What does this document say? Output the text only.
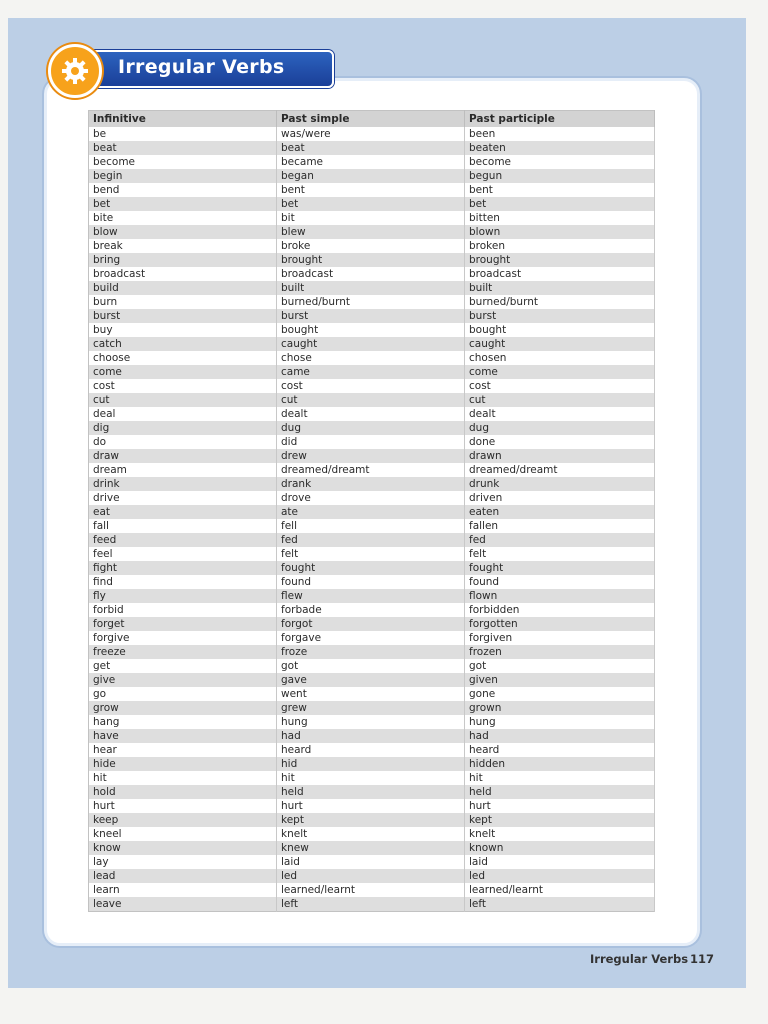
Irregular Verbs
Infinitive	Past simple	Past participle
be	was/were	been
beat	beat	beaten
become	became	become
begin	began	begun
bend	bent	bent
bet	bet	bet
bite	bit	bitten
blow	blew	blown
break	broke	broken
bring	brought	brought
broadcast	broadcast	broadcast
build	built	built
burn	burned/burnt	burned/burnt
burst	burst	burst
buy	bought	bought
catch	caught	caught
choose	chose	chosen
come	came	come
cost	cost	cost
cut	cut	cut
deal	dealt	dealt
dig	dug	dug
do	did	done
draw	drew	drawn
dream	dreamed/dreamt	dreamed/dreamt
drink	drank	drunk
drive	drove	driven
eat	ate	eaten
fall	fell	fallen
feed	fed	fed
feel	felt	felt
fight	fought	fought
find	found	found
fly	flew	flown
forbid	forbade	forbidden
forget	forgot	forgotten
forgive	forgave	forgiven
freeze	froze	frozen
get	got	got
give	gave	given
go	went	gone
grow	grew	grown
hang	hung	hung
have	had	had
hear	heard	heard
hide	hid	hidden
hit	hit	hit
hold	held	held
hurt	hurt	hurt
keep	kept	kept
kneel	knelt	knelt
know	knew	known
lay	laid	laid
lead	led	led
learn	learned/learnt	learned/learnt
leave	left	left
Irregular Verbs 117
